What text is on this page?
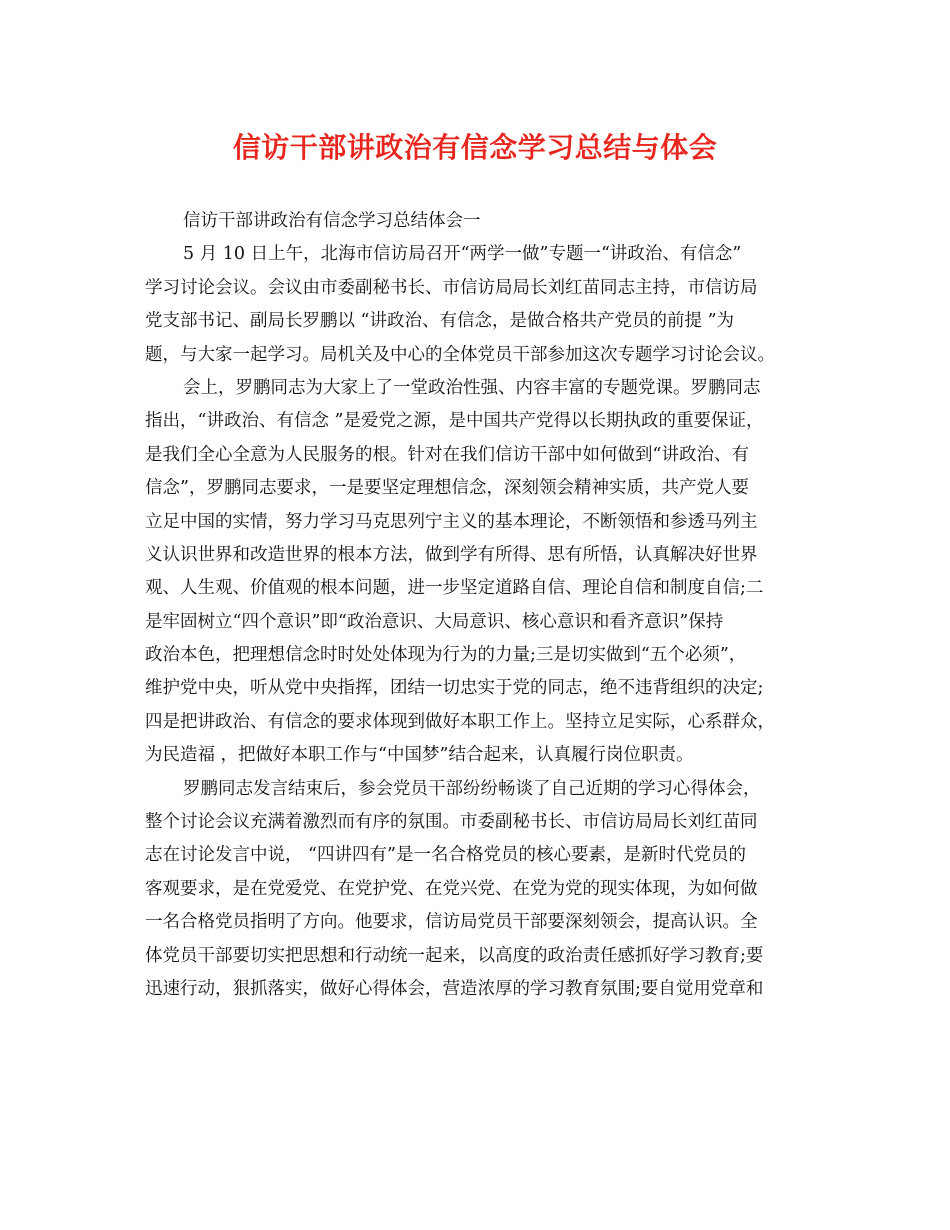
信访干部讲政治有信念学习总结与体会
信访干部讲政治有信念学习总结体会一
5 月 10 日上午，北海市信访局召开“两学一做”专题一“讲政治、有信念”
学习讨论会议。会议由市委副秘书长、市信访局局长刘红苗同志主持，市信访局
党支部书记、副局长罗鹏以 “讲政治、有信念，是做合格共产党员的前提 ”为
题，与大家一起学习。局机关及中心的全体党员干部参加这次专题学习讨论会议。
会上，罗鹏同志为大家上了一堂政治性强、内容丰富的专题党课。罗鹏同志
指出，“讲政治、有信念 ”是爱党之源，是中国共产党得以长期执政的重要保证，
是我们全心全意为人民服务的根。针对在我们信访干部中如何做到“讲政治、有
信念”，罗鹏同志要求，一是要坚定理想信念，深刻领会精神实质，共产党人要
立足中国的实情，努力学习马克思列宁主义的基本理论，不断领悟和参透马列主
义认识世界和改造世界的根本方法，做到学有所得、思有所悟，认真解决好世界
观、人生观、价值观的根本问题，进一步坚定道路自信、理论自信和制度自信;二
是牢固树立“四个意识”即“政治意识、大局意识、核心意识和看齐意识”保持
政治本色，把理想信念时时处处体现为行为的力量;三是切实做到“五个必须”，
维护党中央，听从党中央指挥，团结一切忠实于党的同志，绝不违背组织的决定;
四是把讲政治、有信念的要求体现到做好本职工作上。坚持立足实际，心系群众，
为民造福 ，把做好本职工作与“中国梦”结合起来，认真履行岗位职责。
罗鹏同志发言结束后，参会党员干部纷纷畅谈了自己近期的学习心得体会，
整个讨论会议充满着激烈而有序的氛围。市委副秘书长、市信访局局长刘红苗同
志在讨论发言中说， “四讲四有”是一名合格党员的核心要素，是新时代党员的
客观要求，是在党爱党、在党护党、在党兴党、在党为党的现实体现，为如何做
一名合格党员指明了方向。他要求，信访局党员干部要深刻领会，提高认识。全
体党员干部要切实把思想和行动统一起来，以高度的政治责任感抓好学习教育;要
迅速行动，狠抓落实，做好心得体会，营造浓厚的学习教育氛围;要自觉用党章和
